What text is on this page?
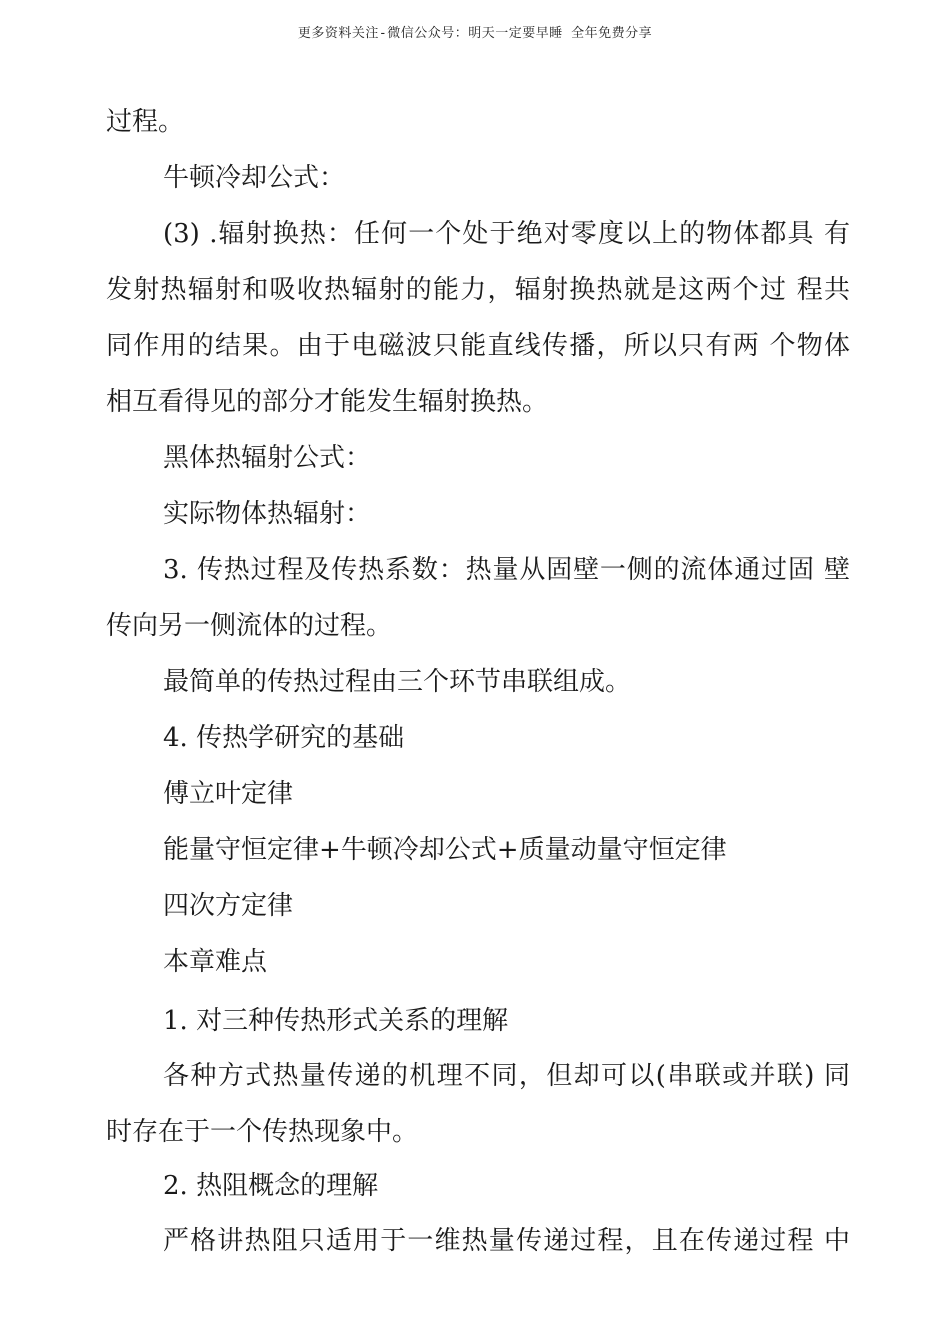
更多资料关注-微信公众号：明天一定要早睡 全年免费分享
过程。
牛顿冷却公式：
(3) .辐射换热：任何一个处于绝对零度以上的物体都具 有
发射热辐射和吸收热辐射的能力，辐射换热就是这两个过 程共
同作用的结果。由于电磁波只能直线传播，所以只有两 个物体
相互看得见的部分才能发生辐射换热。
黑体热辐射公式：
实际物体热辐射：
3. 传热过程及传热系数：热量从固壁一侧的流体通过固 壁
传向另一侧流体的过程。
最简单的传热过程由三个环节串联组成。
4. 传热学研究的基础
傅立叶定律
能量守恒定律+牛顿冷却公式+质量动量守恒定律
四次方定律
本章难点
1. 对三种传热形式关系的理解
各种方式热量传递的机理不同，但却可以(串联或并联) 同
时存在于一个传热现象中。
2. 热阻概念的理解
严格讲热阻只适用于一维热量传递过程，且在传递过程 中
